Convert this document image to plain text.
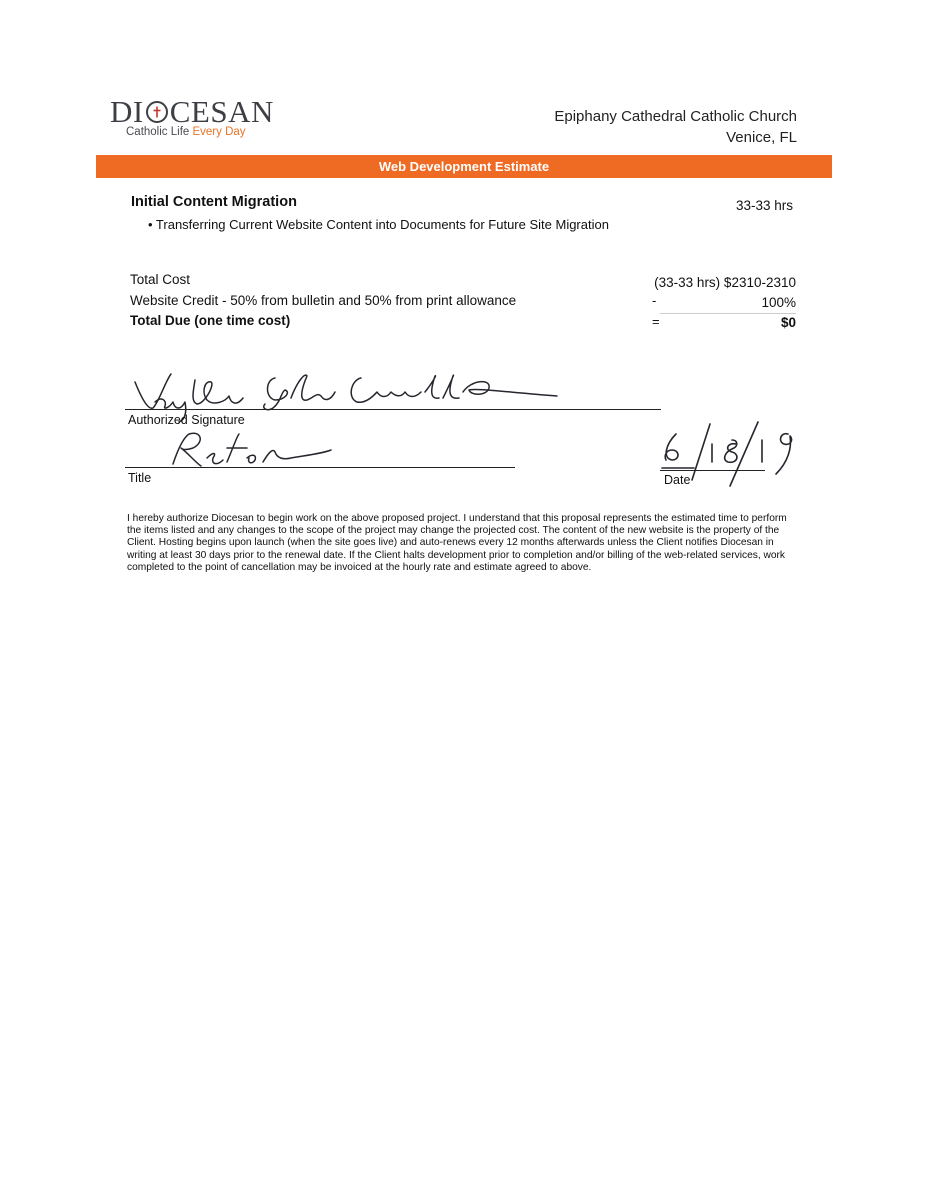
DI CESAN
Catholic Life Every Day
Epiphany Cathedral Catholic Church
Venice, FL
Web Development Estimate
Initial Content Migration	33-33 hrs
• Transferring Current Website Content into Documents for Future Site Migration
Total Cost	(33-33 hrs) $2310-2310
Website Credit - 50% from bulletin and 50% from print allowance	-	100%
Total Due (one time cost)	=	$0
Authorized Signature
Title	Date
I hereby authorize Diocesan to begin work on the above proposed project. I understand that this proposal represents the estimated time to perform the items listed and any changes to the scope of the project may change the projected cost. The content of the new website is the property of the Client. Hosting begins upon launch (when the site goes live) and auto-renews every 12 months afterwards unless the Client notifies Diocesan in writing at least 30 days prior to the renewal date. If the Client halts development prior to completion and/or billing of the web-related services, work completed to the point of cancellation may be invoiced at the hourly rate and estimate agreed to above.
